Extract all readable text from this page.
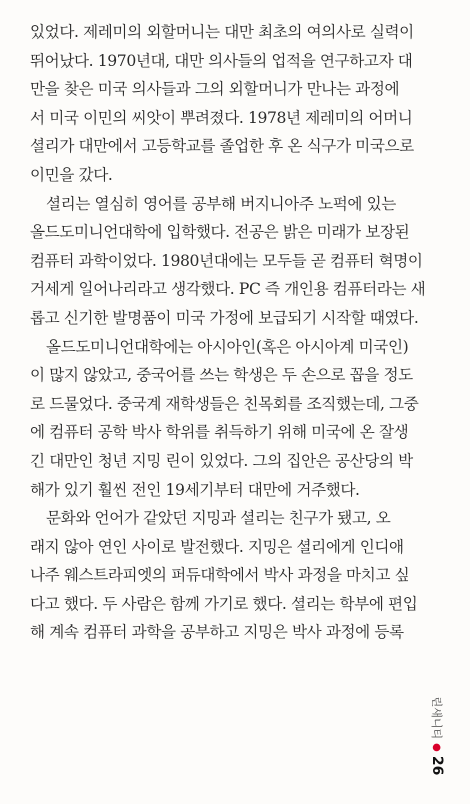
있었다. 제레미의 외할머니는 대만 최초의 여의사로 실력이
뛰어났다. 1970년대, 대만 의사들의 업적을 연구하고자 대
만을 찾은 미국 의사들과 그의 외할머니가 만나는 과정에
서 미국 이민의 씨앗이 뿌려졌다. 1978년 제레미의 어머니
셜리가 대만에서 고등학교를 졸업한 후 온 식구가 미국으로
이민을 갔다.
셜리는 열심히 영어를 공부해 버지니아주 노퍽에 있는
올드도미니언대학에 입학했다. 전공은 밝은 미래가 보장된
컴퓨터 과학이었다. 1980년대에는 모두들 곧 컴퓨터 혁명이
거세게 일어나리라고 생각했다. PC 즉 개인용 컴퓨터라는 새
롭고 신기한 발명품이 미국 가정에 보급되기 시작할 때였다.
올드도미니언대학에는 아시아인(혹은 아시아계 미국인)
이 많지 않았고, 중국어를 쓰는 학생은 두 손으로 꼽을 정도
로 드물었다. 중국계 재학생들은 친목회를 조직했는데, 그중
에 컴퓨터 공학 박사 학위를 취득하기 위해 미국에 온 잘생
긴 대만인 청년 지밍 린이 있었다. 그의 집안은 공산당의 박
해가 있기 훨씬 전인 19세기부터 대만에 거주했다.
문화와 언어가 같았던 지밍과 셜리는 친구가 됐고, 오
래지 않아 연인 사이로 발전했다. 지밍은 셜리에게 인디애
나주 웨스트라피엣의 퍼듀대학에서 박사 과정을 마치고 싶
다고 했다. 두 사람은 함께 가기로 했다. 셜리는 학부에 편입
해 계속 컴퓨터 과학을 공부하고 지밍은 박사 과정에 등록
린새니티
●
26
